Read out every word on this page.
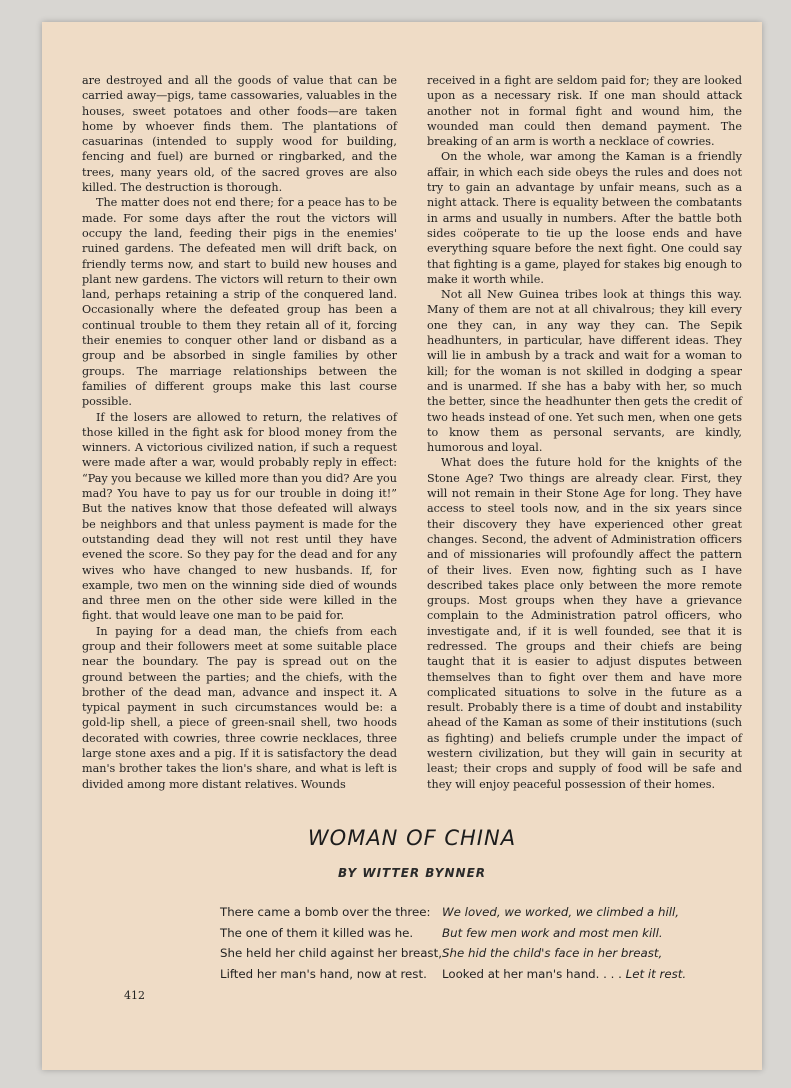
are destroyed and all the goods of value that can be carried away—pigs, tame cassowaries, valuables in the houses, sweet potatoes and other foods—are taken home by whoever finds them. The plantations of casuarinas (intended to supply wood for building, fencing and fuel) are burned or ringbarked, and the trees, many years old, of the sacred groves are also killed. The destruction is thorough.

The matter does not end there; for a peace has to be made. For some days after the rout the victors will occupy the land, feeding their pigs in the enemies' ruined gardens. The defeated men will drift back, on friendly terms now, and start to build new houses and plant new gardens. The victors will return to their own land, perhaps retaining a strip of the conquered land. Occasionally where the defeated group has been a continual trouble to them they retain all of it, forcing their enemies to conquer other land or disband as a group and be absorbed in single families by other groups. The marriage relationships between the families of different groups make this last course possible.

If the losers are allowed to return, the relatives of those killed in the fight ask for blood money from the winners. A victorious civilized nation, if such a request were made after a war, would probably reply in effect: “Pay you because we killed more than you did? Are you mad? You have to pay us for our trouble in doing it!” But the natives know that those defeated will always be neighbors and that unless payment is made for the outstanding dead they will not rest until they have evened the score. So they pay for the dead and for any wives who have changed to new husbands. If, for example, two men on the winning side died of wounds and three men on the other side were killed in the fight. that would leave one man to be paid for.

In paying for a dead man, the chiefs from each group and their followers meet at some suitable place near the boundary. The pay is spread out on the ground between the parties; and the chiefs, with the brother of the dead man, advance and inspect it. A typical payment in such circumstances would be: a gold-lip shell, a piece of green-snail shell, two hoods decorated with cowries, three cowrie necklaces, three large stone axes and a pig. If it is satisfactory the dead man's brother takes the lion's share, and what is left is divided among more distant relatives. Wounds

received in a fight are seldom paid for; they are looked upon as a necessary risk. If one man should attack another not in formal fight and wound him, the wounded man could then demand payment. The breaking of an arm is worth a necklace of cowries.

On the whole, war among the Kaman is a friendly affair, in which each side obeys the rules and does not try to gain an advantage by unfair means, such as a night attack. There is equality between the combatants in arms and usually in numbers. After the battle both sides coöperate to tie up the loose ends and have everything square before the next fight. One could say that fighting is a game, played for stakes big enough to make it worth while.

Not all New Guinea tribes look at things this way. Many of them are not at all chivalrous; they kill every one they can, in any way they can. The Sepik headhunters, in particular, have different ideas. They will lie in ambush by a track and wait for a woman to kill; for the woman is not skilled in dodging a spear and is unarmed. If she has a baby with her, so much the better, since the headhunter then gets the credit of two heads instead of one. Yet such men, when one gets to know them as personal servants, are kindly, humorous and loyal.

What does the future hold for the knights of the Stone Age? Two things are already clear. First, they will not remain in their Stone Age for long. They have access to steel tools now, and in the six years since their discovery they have experienced other great changes. Second, the advent of Administration officers and of missionaries will profoundly affect the pattern of their lives. Even now, fighting such as I have described takes place only between the more remote groups. Most groups when they have a grievance complain to the Administration patrol officers, who investigate and, if it is well founded, see that it is redressed. The groups and their chiefs are being taught that it is easier to adjust disputes between themselves than to fight over them and have more complicated situations to solve in the future as a result. Probably there is a time of doubt and instability ahead of the Kaman as some of their institutions (such as fighting) and beliefs crumple under the impact of western civilization, but they will gain in security at least; their crops and supply of food will be safe and they will enjoy peaceful possession of their homes.

WOMAN OF CHINA
BY WITTER BYNNER
There came a bomb over the three:
The one of them it killed was he.
She held her child against her breast,
Lifted her man's hand, now at rest.
We loved, we worked, we climbed a hill,
But few men work and most men kill.
She hid the child's face in her breast,
Looked at her man's hand. . . . Let it rest.
412
